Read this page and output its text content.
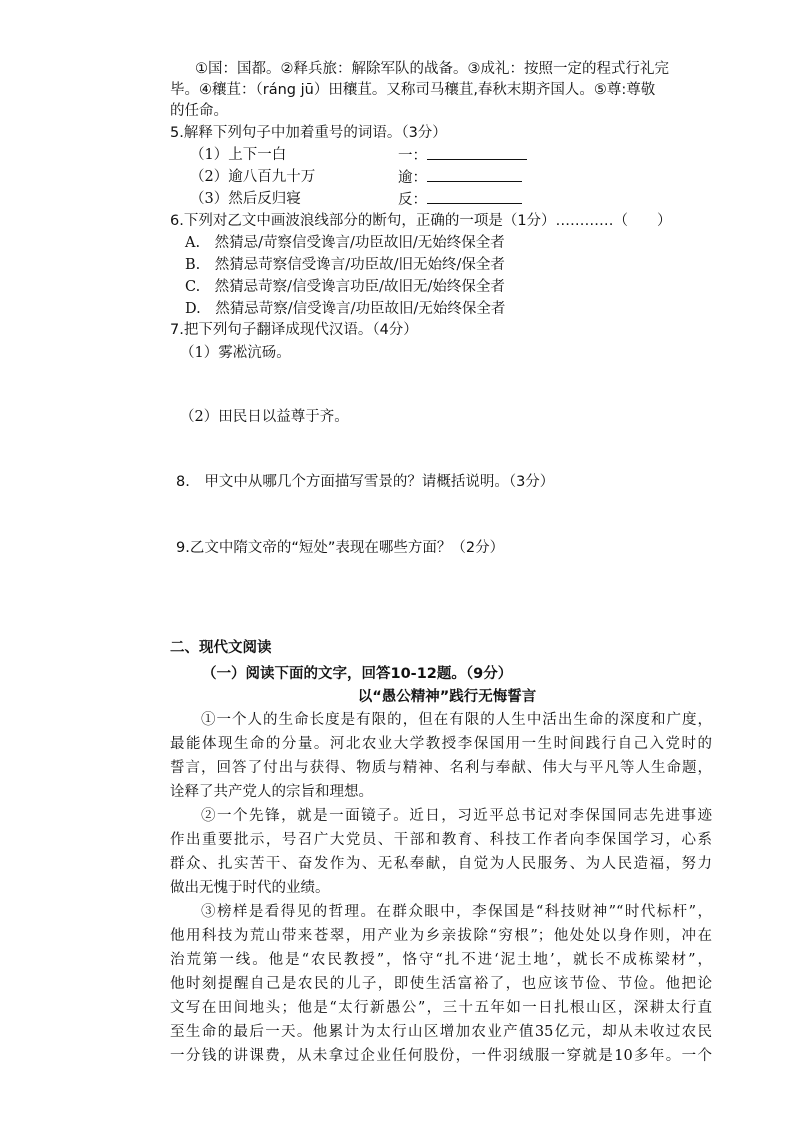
①国：国都。②释兵旅：解除军队的战备。③成礼：按照一定的程式行礼完
毕。④穰苴：（ráng jū）田穰苴。又称司马穰苴,春秋末期齐国人。⑤尊:尊敬
的任命。
5.解释下列句子中加着重号的词语。（3分）
（1）上下一白	一：
（2）逾八百九十万	逾：
（3）然后反归寝	反：
6.下列对乙文中画波浪线部分的断句，正确的一项是（1分）…………（　　）
A.　然猜忌/苛察信受谗言/功臣故旧/无始终保全者
B.　然猜忌苛察信受谗言/功臣故/旧无始终/保全者
C.　然猜忌苛察/信受谗言功臣/故旧无/始终保全者
D.　然猜忌苛察/信受谗言/功臣故旧/无始终保全者
7.把下列句子翻译成现代汉语。（4分）
（1）雾凇沆砀。
（2）田民日以益尊于齐。
8.　甲文中从哪几个方面描写雪景的？请概括说明。（3分）
9.乙文中隋文帝的“短处”表现在哪些方面？（2分）
二、现代文阅读
（一）阅读下面的文字，回答10-12题。（9分）
以“愚公精神”践行无悔誓言
①一个人的生命长度是有限的，但在有限的人生中活出生命的深度和广度，
最能体现生命的分量。河北农业大学教授李保国用一生时间践行自己入党时的
誓言，回答了付出与获得、物质与精神、名利与奉献、伟大与平凡等人生命题，
诠释了共产党人的宗旨和理想。
②一个先锋，就是一面镜子。近日，习近平总书记对李保国同志先进事迹
作出重要批示，号召广大党员、干部和教育、科技工作者向李保国学习，心系
群众、扎实苦干、奋发作为、无私奉献，自觉为人民服务、为人民造福，努力
做出无愧于时代的业绩。
③榜样是看得见的哲理。在群众眼中，李保国是“科技财神”“时代标杆”，
他用科技为荒山带来苍翠，用产业为乡亲拔除“穷根”；他处处以身作则，冲在
治荒第一线。他是“农民教授”，恪守“扎不进‘泥土地’，就长不成栋梁材”，
他时刻提醒自己是农民的儿子，即使生活富裕了，也应该节俭、节俭。他把论
文写在田间地头；他是“太行新愚公”，三十五年如一日扎根山区，深耕太行直
至生命的最后一天。他累计为太行山区增加农业产值35亿元，却从未收过农民
一分钱的讲课费，从未拿过企业任何股份，一件羽绒服一穿就是10多年。一个
